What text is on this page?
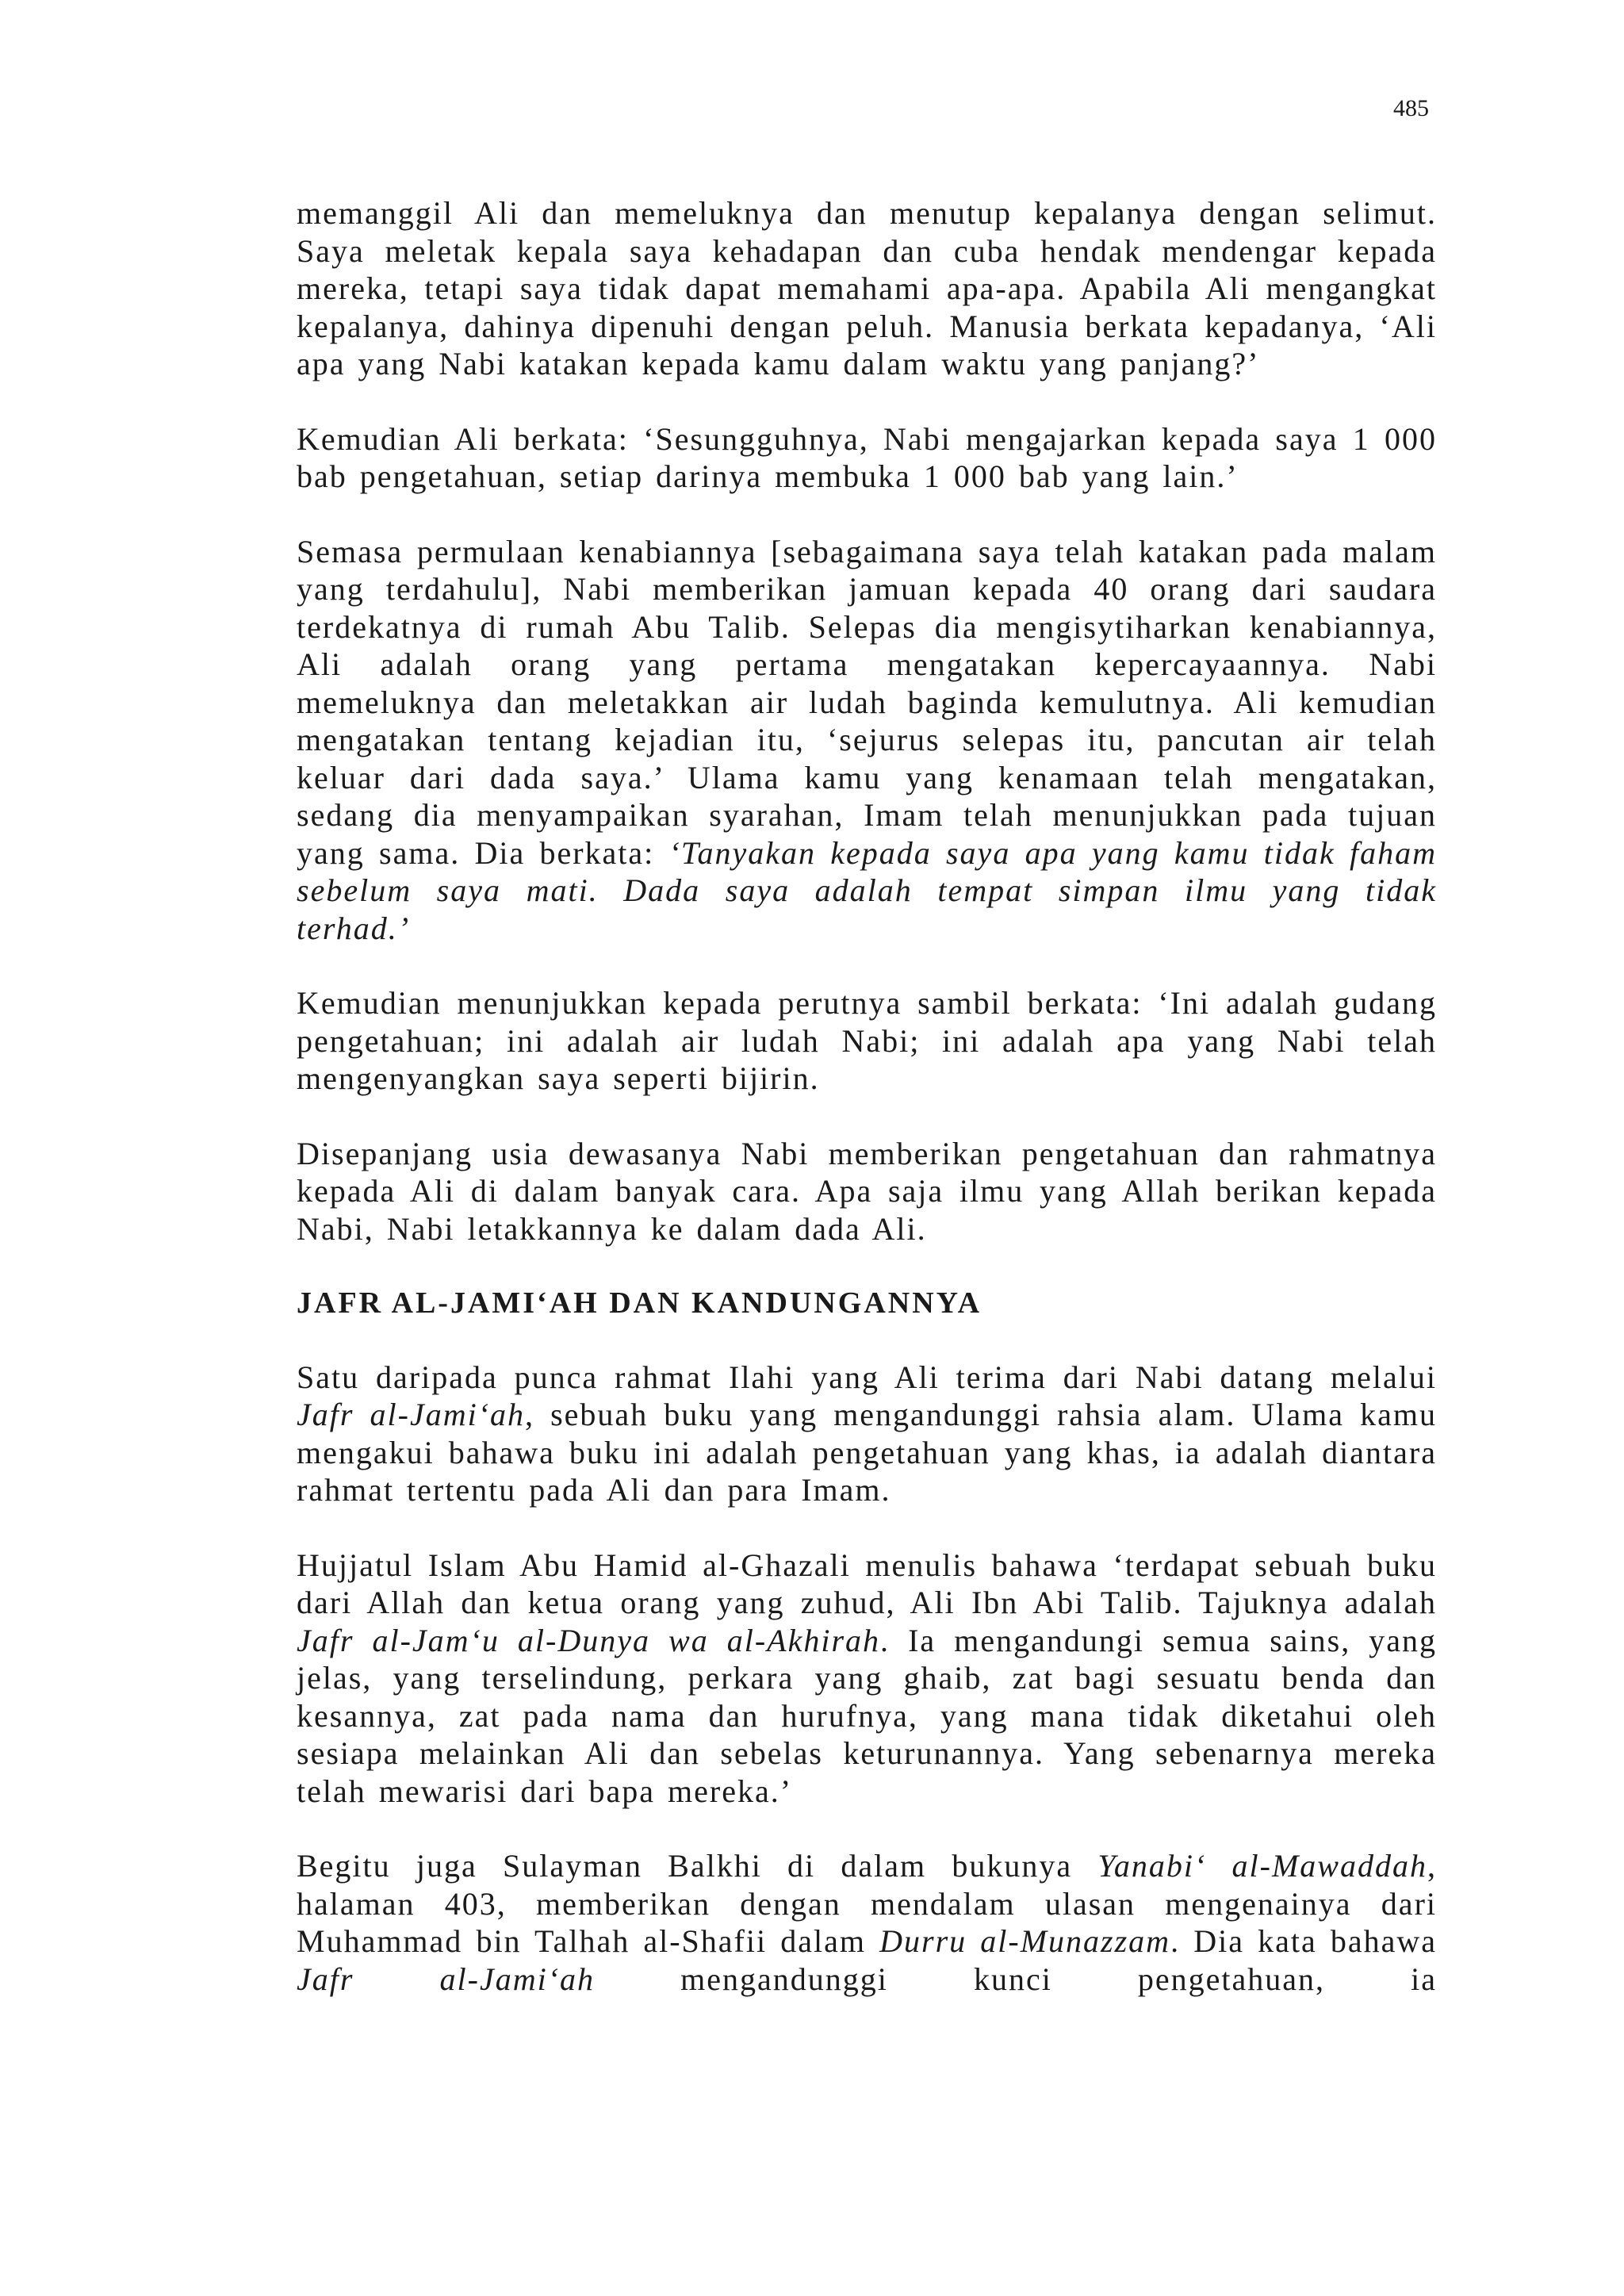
485

memanggil Ali dan memeluknya dan menutup kepalanya dengan selimut. Saya meletak kepala saya kehadapan dan cuba hendak mendengar kepada mereka, tetapi saya tidak dapat memahami apa-apa. Apabila Ali mengangkat kepalanya, dahinya dipenuhi dengan peluh. Manusia berkata kepadanya, ‘Ali apa yang Nabi katakan kepada kamu dalam waktu yang panjang?’

Kemudian Ali berkata: ‘Sesungguhnya, Nabi mengajarkan kepada saya 1 000 bab pengetahuan, setiap darinya membuka 1 000 bab yang lain.’

Semasa permulaan kenabiannya [sebagaimana saya telah katakan pada malam yang terdahulu], Nabi memberikan jamuan kepada 40 orang dari saudara terdekatnya di rumah Abu Talib. Selepas dia mengisytiharkan kenabiannya, Ali adalah orang yang pertama mengatakan kepercayaannya. Nabi memeluknya dan meletakkan air ludah baginda kemulutnya. Ali kemudian mengatakan tentang kejadian itu, ‘sejurus selepas itu, pancutan air telah keluar dari dada saya.’ Ulama kamu yang kenamaan telah mengatakan, sedang dia menyampaikan syarahan, Imam telah menunjukkan pada tujuan yang sama. Dia berkata: ‘Tanyakan kepada saya apa yang kamu tidak faham sebelum saya mati. Dada saya adalah tempat simpan ilmu yang tidak terhad.’

Kemudian menunjukkan kepada perutnya sambil berkata: ‘Ini adalah gudang pengetahuan; ini adalah air ludah Nabi; ini adalah apa yang Nabi telah mengenyangkan saya seperti bijirin.

Disepanjang usia dewasanya Nabi memberikan pengetahuan dan rahmatnya kepada Ali di dalam banyak cara. Apa saja ilmu yang Allah berikan kepada Nabi, Nabi letakkannya ke dalam dada Ali.

JAFR AL-JAMI‘AH DAN KANDUNGANNYA

Satu daripada punca rahmat Ilahi yang Ali terima dari Nabi datang melalui Jafr al-Jami‘ah, sebuah buku yang mengandunggi rahsia alam. Ulama kamu mengakui bahawa buku ini adalah pengetahuan yang khas, ia adalah diantara rahmat tertentu pada Ali dan para Imam.

Hujjatul Islam Abu Hamid al-Ghazali menulis bahawa ‘terdapat sebuah buku dari Allah dan ketua orang yang zuhud, Ali Ibn Abi Talib. Tajuknya adalah Jafr al-Jam‘u al-Dunya wa al-Akhirah. Ia mengandungi semua sains, yang jelas, yang terselindung, perkara yang ghaib, zat bagi sesuatu benda dan kesannya, zat pada nama dan hurufnya, yang mana tidak diketahui oleh sesiapa melainkan Ali dan sebelas keturunannya. Yang sebenarnya mereka telah mewarisi dari bapa mereka.’

Begitu juga Sulayman Balkhi di dalam bukunya Yanabi‘ al-Mawaddah, halaman 403, memberikan dengan mendalam ulasan mengenainya dari Muhammad bin Talhah al-Shafii dalam Durru al-Munazzam. Dia kata bahawa Jafr al-Jami‘ah mengandunggi kunci pengetahuan, ia
